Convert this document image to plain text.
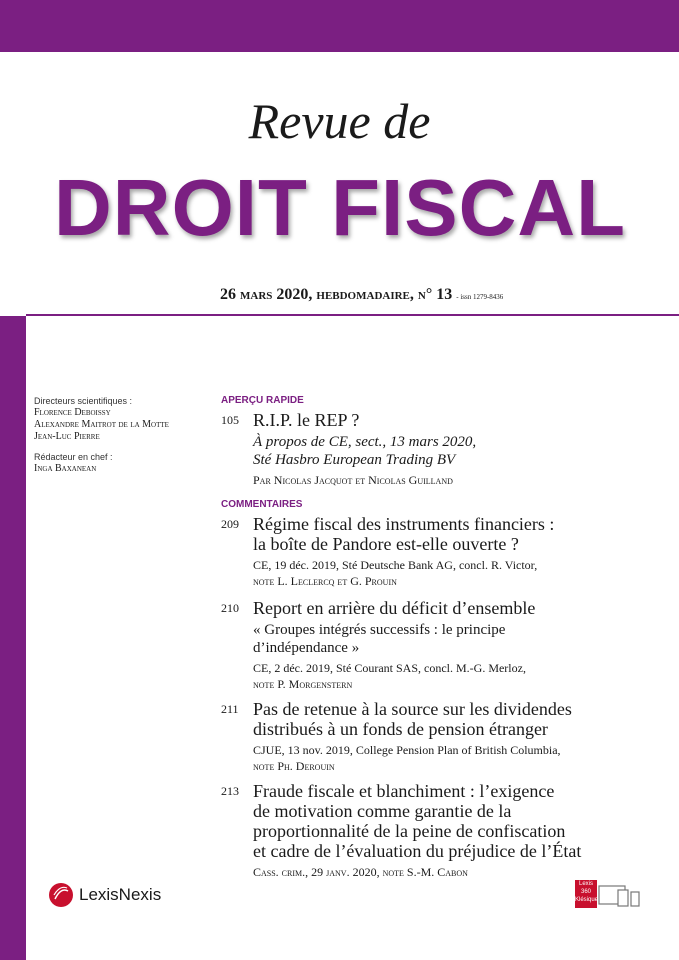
Revue de
DROIT FISCAL
26 mars 2020, hebdomadaire, n° 13 - issn 1279-8436
Directeurs scientifiques :
Florence Deboissy
Alexandre Maitrot de la Motte
Jean-Luc Pierre
Rédacteur en chef :
Inga Baxanean
APERÇU RAPIDE
105 R.I.P. le REP ?
À propos de CE, sect., 13 mars 2020,
Sté Hasbro European Trading BV
Par Nicolas Jacquot et Nicolas Guilland
COMMENTAIRES
209 Régime fiscal des instruments financiers :
la boîte de Pandore est-elle ouverte ?
CE, 19 déc. 2019, Sté Deutsche Bank AG, concl. R. Victor,
note L. Leclercq et G. Prouin
210 Report en arrière du déficit d’ensemble
« Groupes intégrés successifs : le principe
d’indépendance »
CE, 2 déc. 2019, Sté Courant SAS, concl. M.-G. Merloz,
note P. Morgenstern
211 Pas de retenue à la source sur les dividendes
distribués à un fonds de pension étranger
CJUE, 13 nov. 2019, College Pension Plan of British Columbia,
note Ph. Derouin
213 Fraude fiscale et blanchiment : l’exigence
de motivation comme garantie de la
proportionnalité de la peine de confiscation
et cadre de l’évaluation du préjudice de l’État
Cass. crim., 29 janv. 2020, note S.-M. Cabon
LexisNexis
Lexis
360
Klésique
